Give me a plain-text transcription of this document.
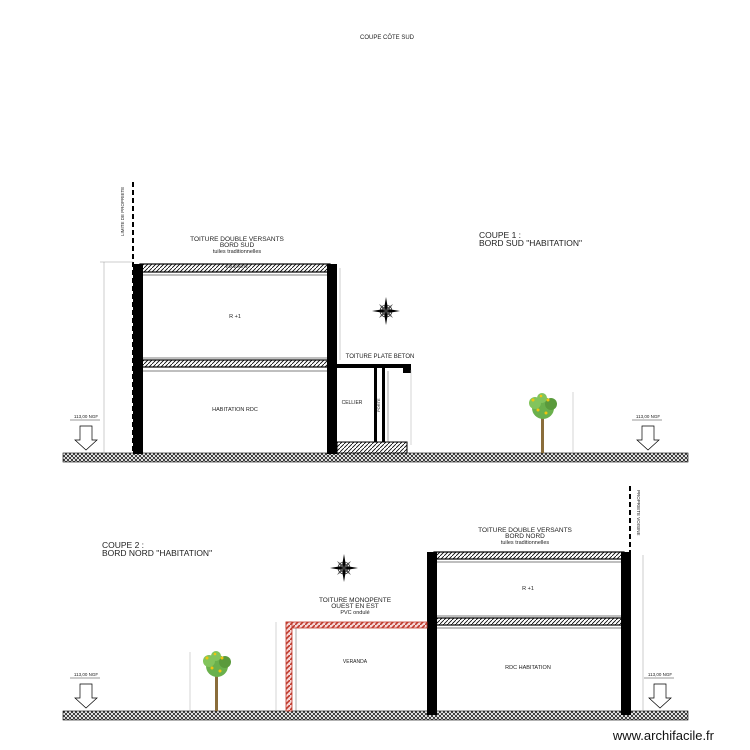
COUPE CÔTE SUD
LIMITE DE PROPRIETE
TOITURE DOUBLE VERSANTS
BORD SUD
tuiles traditionnelles
ETANCHEITE
R +1
HABITATION RDC
TOITURE PLATE BETON
CELLIER	PORTE
COUPE 1 :
BORD SUD "HABITATION"
113,00 NGF	113,00 NGF
PROPRIETE VOISINE
TOITURE DOUBLE VERSANTS
BORD NORD
tuiles traditionnelles
TOITURE MONOPENTE
OUEST EN EST
PVC ondulé
R +1
RDC HABITATION
VERANDA
COUPE 2 :
BORD NORD "HABITATION"
113,00 NGF	113,00 NGF
www.archifacile.fr
